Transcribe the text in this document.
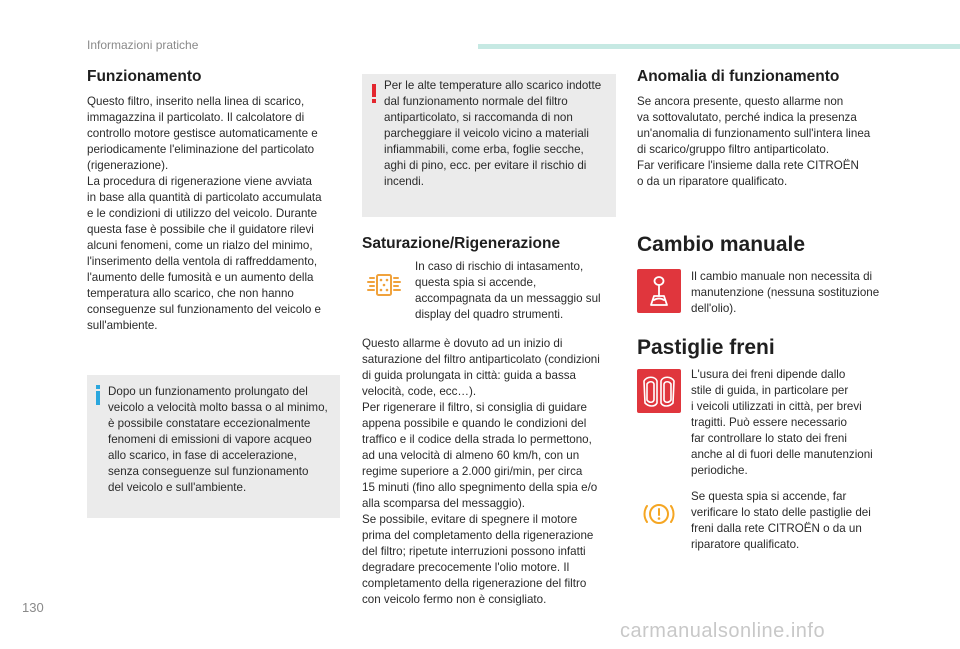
Informazioni pratiche
Funzionamento
Questo filtro, inserito nella linea di scarico,
immagazzina il particolato. Il calcolatore di
controllo motore gestisce automaticamente e
periodicamente l'eliminazione del particolato
(rigenerazione).
La procedura di rigenerazione viene avviata
in base alla quantità di particolato accumulata
e le condizioni di utilizzo del veicolo. Durante
questa fase è possibile che il guidatore rilevi
alcuni fenomeni, come un rialzo del minimo,
l'inserimento della ventola di raffreddamento,
l'aumento delle fumosità e un aumento della
temperatura allo scarico, che non hanno
conseguenze sul funzionamento del veicolo e
sull'ambiente.
Dopo un funzionamento prolungato del
veicolo a velocità molto bassa o al minimo,
è possibile constatare eccezionalmente
fenomeni di emissioni di vapore acqueo
allo scarico, in fase di accelerazione,
senza conseguenze sul funzionamento
del veicolo e sull'ambiente.
Per le alte temperature allo scarico indotte
dal funzionamento normale del filtro
antiparticolato, si raccomanda di non
parcheggiare il veicolo vicino a materiali
infiammabili, come erba, foglie secche,
aghi di pino, ecc. per evitare il rischio di
incendi.
Saturazione/Rigenerazione
In caso di rischio di intasamento,
questa spia si accende,
accompagnata da un messaggio sul
display del quadro strumenti.
Questo allarme è dovuto ad un inizio di
saturazione del filtro antiparticolato (condizioni
di guida prolungata in città: guida a bassa
velocità, code, ecc…).
Per rigenerare il filtro, si consiglia di guidare
appena possibile e quando le condizioni del
traffico e il codice della strada lo permettono,
ad una velocità di almeno 60 km/h, con un
regime superiore a 2.000 giri/min, per circa
15 minuti (fino allo spegnimento della spia e/o
alla scomparsa del messaggio).
Se possibile, evitare di spegnere il motore
prima del completamento della rigenerazione
del filtro; ripetute interruzioni possono infatti
degradare precocemente l'olio motore. Il
completamento della rigenerazione del filtro
con veicolo fermo non è consigliato.
Anomalia di funzionamento
Se ancora presente, questo allarme non
va sottovalutato, perché indica la presenza
un'anomalia di funzionamento sull'intera linea
di scarico/gruppo filtro antiparticolato.
Far verificare l'insieme dalla rete CITROËN
o da un riparatore qualificato.
Cambio manuale
Il cambio manuale non necessita di
manutenzione (nessuna sostituzione
dell'olio).
Pastiglie freni
L'usura dei freni dipende dallo
stile di guida, in particolare per
i veicoli utilizzati in città, per brevi
tragitti. Può essere necessario
far controllare lo stato dei freni
anche al di fuori delle manutenzioni
periodiche.
Se questa spia si accende, far
verificare lo stato delle pastiglie dei
freni dalla rete CITROËN o da un
riparatore qualificato.
130
carmanualsonline.info
